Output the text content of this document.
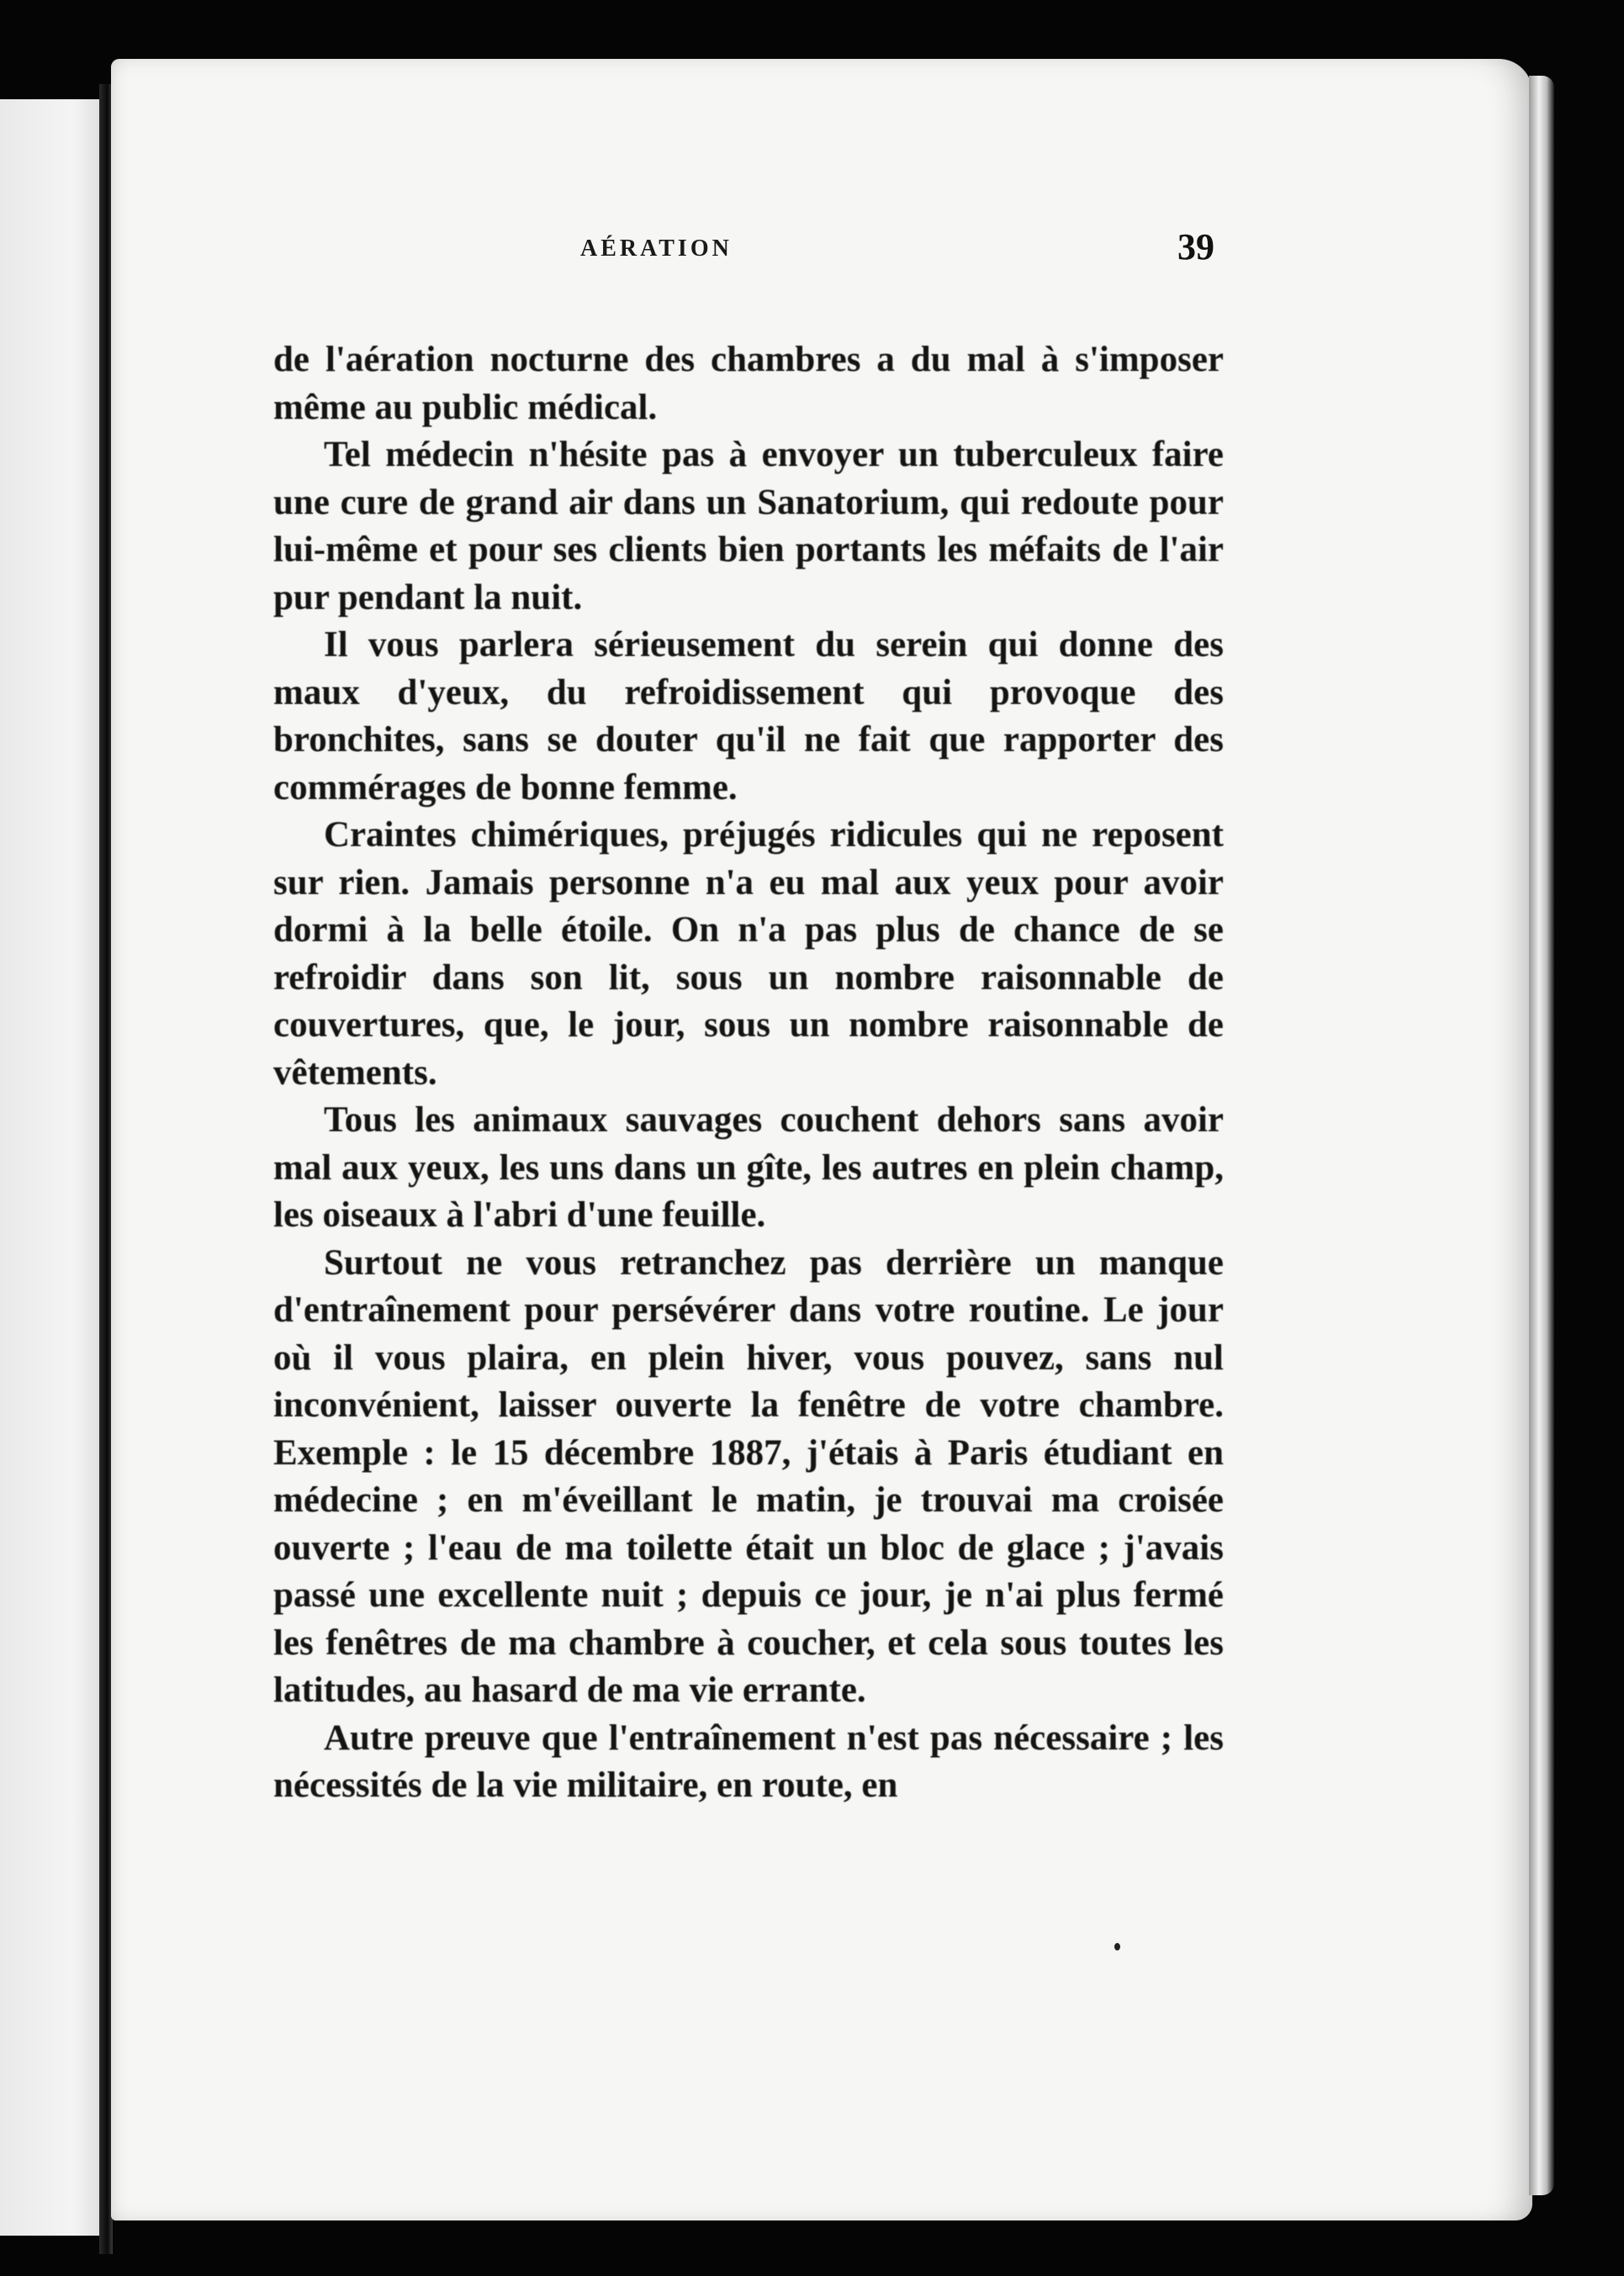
AÉRATION	39

de l'aération nocturne des chambres a du mal à s'imposer même au public médical.

Tel médecin n'hésite pas à envoyer un tuberculeux faire une cure de grand air dans un Sanatorium, qui redoute pour lui-même et pour ses clients bien portants les méfaits de l'air pur pendant la nuit.

Il vous parlera sérieusement du serein qui donne des maux d'yeux, du refroidissement qui provoque des bronchites, sans se douter qu'il ne fait que rapporter des commérages de bonne femme.

Craintes chimériques, préjugés ridicules qui ne reposent sur rien. Jamais personne n'a eu mal aux yeux pour avoir dormi à la belle étoile. On n'a pas plus de chance de se refroidir dans son lit, sous un nombre raisonnable de couvertures, que, le jour, sous un nombre raisonnable de vêtements.

Tous les animaux sauvages couchent dehors sans avoir mal aux yeux, les uns dans un gîte, les autres en plein champ, les oiseaux à l'abri d'une feuille.

Surtout ne vous retranchez pas derrière un manque d'entraînement pour persévérer dans votre routine. Le jour où il vous plaira, en plein hiver, vous pouvez, sans nul inconvénient, laisser ouverte la fenêtre de votre chambre. Exemple : le 15 décembre 1887, j'étais à Paris étudiant en médecine ; en m'éveillant le matin, je trouvai ma croisée ouverte ; l'eau de ma toilette était un bloc de glace ; j'avais passé une excellente nuit ; depuis ce jour, je n'ai plus fermé les fenêtres de ma chambre à coucher, et cela sous toutes les latitudes, au hasard de ma vie errante.

Autre preuve que l'entraînement n'est pas nécessaire ; les nécessités de la vie militaire, en route, en
